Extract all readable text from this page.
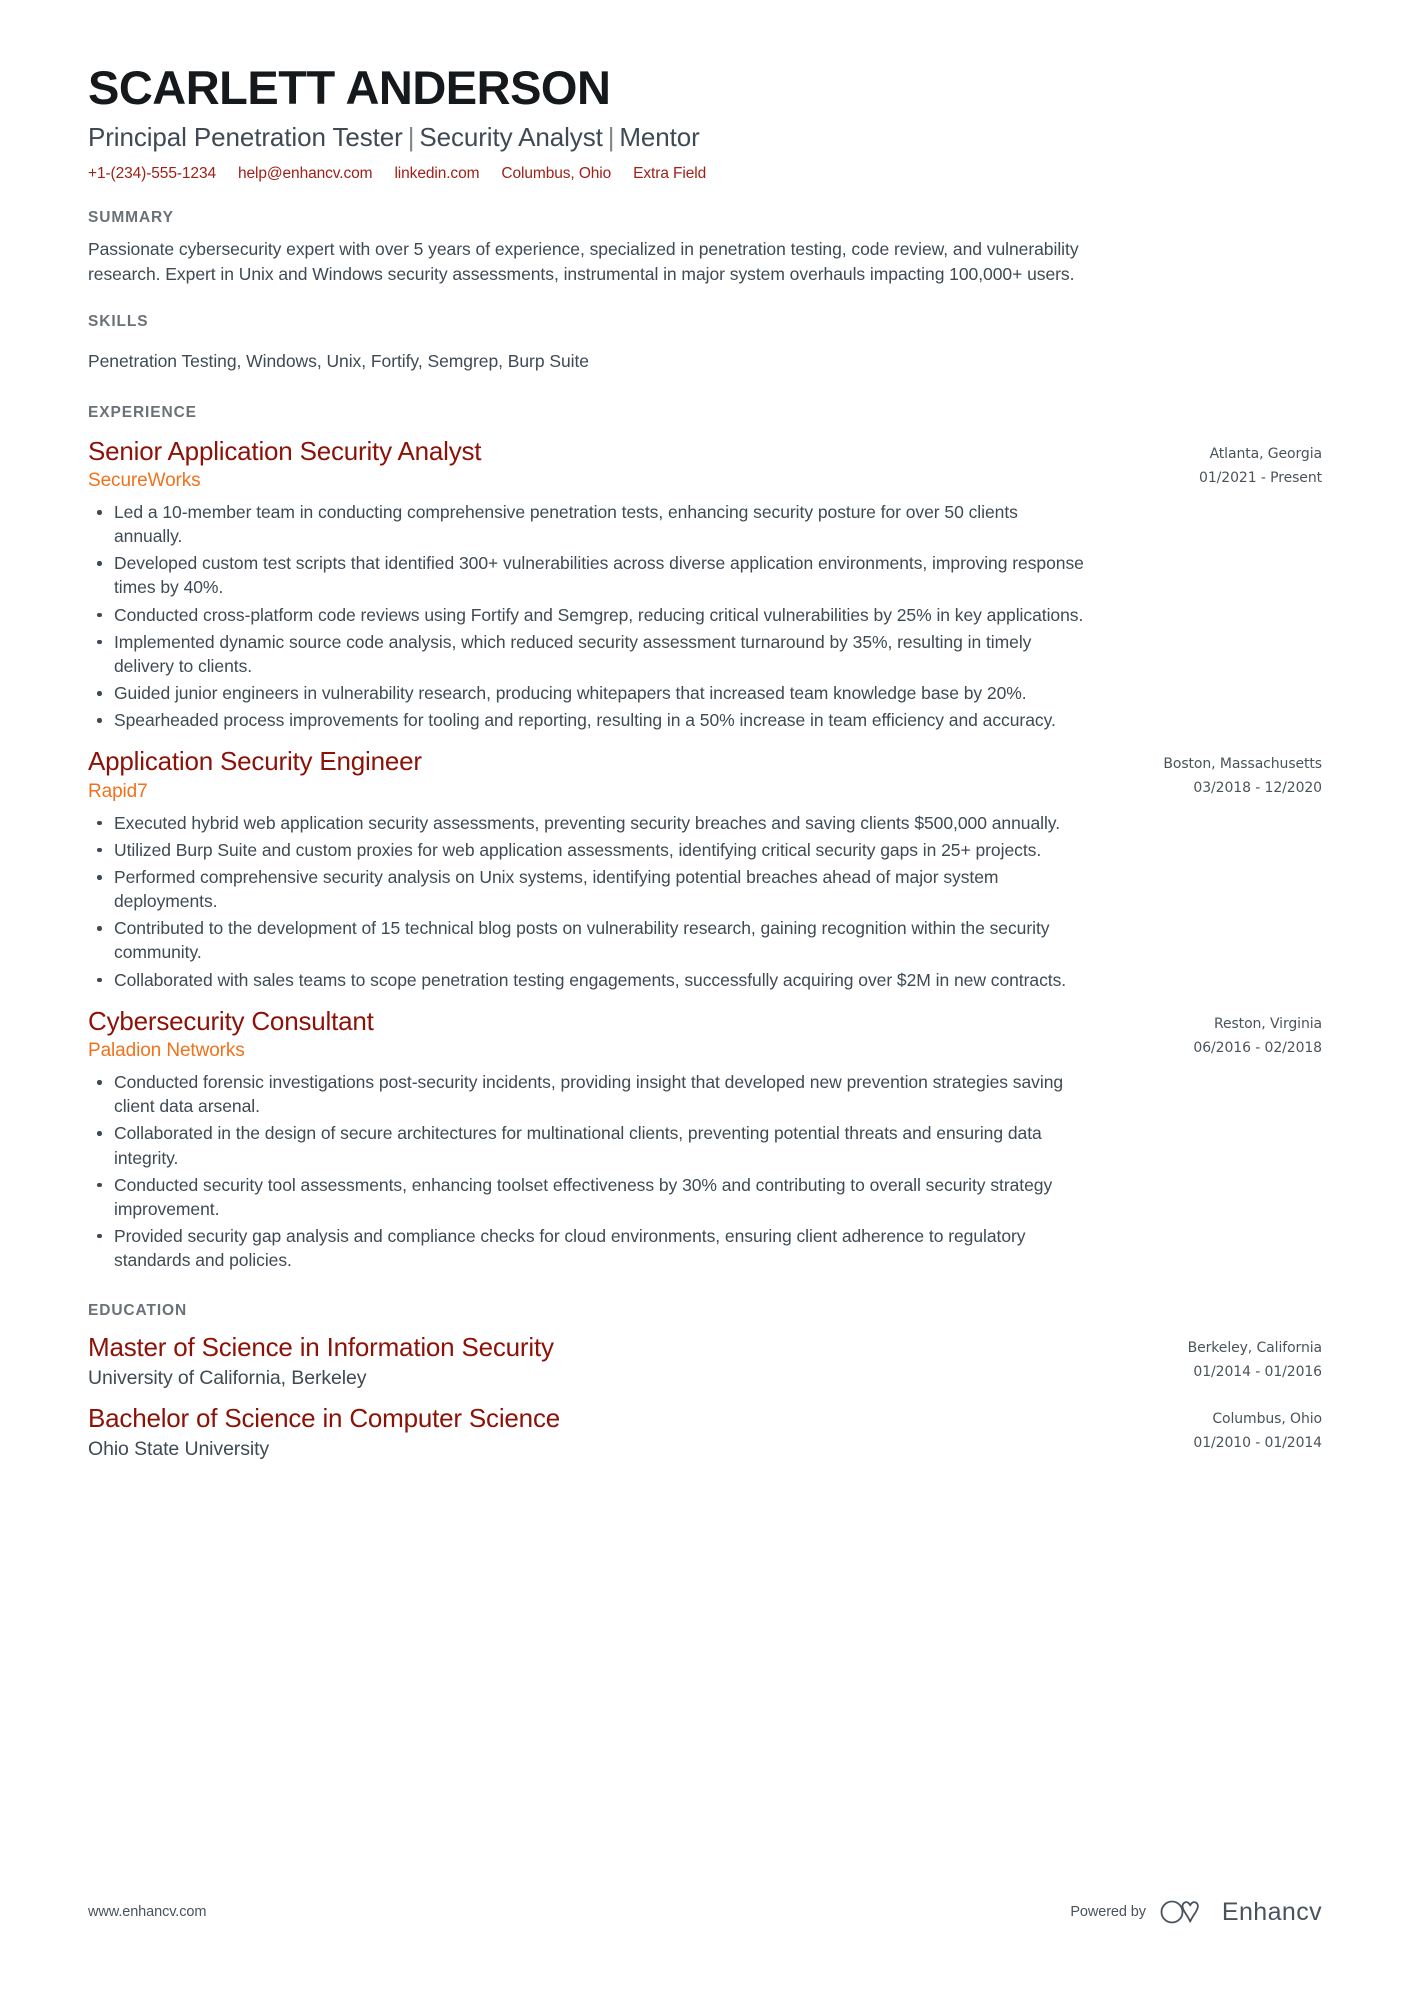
SCARLETT ANDERSON
Principal Penetration Tester | Security Analyst | Mentor
+1-(234)-555-1234 help@enhancv.com linkedin.com Columbus, Ohio Extra Field
SUMMARY

Passionate cybersecurity expert with over 5 years of experience, specialized in penetration testing, code review, and vulnerability research. Expert in Unix and Windows security assessments, instrumental in major system overhauls impacting 100,000+ users.

SKILLS

Penetration Testing, Windows, Unix, Fortify, Semgrep, Burp Suite

EXPERIENCE
Senior Application Security Analyst
SecureWorks
Atlanta, Georgia
01/2021 - Present
Led a 10-member team in conducting comprehensive penetration tests, enhancing security posture for over 50 clients annually.
Developed custom test scripts that identified 300+ vulnerabilities across diverse application environments, improving response times by 40%.
Conducted cross-platform code reviews using Fortify and Semgrep, reducing critical vulnerabilities by 25% in key applications.
Implemented dynamic source code analysis, which reduced security assessment turnaround by 35%, resulting in timely delivery to clients.
Guided junior engineers in vulnerability research, producing whitepapers that increased team knowledge base by 20%.
Spearheaded process improvements for tooling and reporting, resulting in a 50% increase in team efficiency and accuracy.
Application Security Engineer
Rapid7
Boston, Massachusetts
03/2018 - 12/2020
Executed hybrid web application security assessments, preventing security breaches and saving clients $500,000 annually.
Utilized Burp Suite and custom proxies for web application assessments, identifying critical security gaps in 25+ projects.
Performed comprehensive security analysis on Unix systems, identifying potential breaches ahead of major system deployments.
Contributed to the development of 15 technical blog posts on vulnerability research, gaining recognition within the security community.
Collaborated with sales teams to scope penetration testing engagements, successfully acquiring over $2M in new contracts.
Cybersecurity Consultant
Paladion Networks
Reston, Virginia
06/2016 - 02/2018
Conducted forensic investigations post-security incidents, providing insight that developed new prevention strategies saving client data arsenal.
Collaborated in the design of secure architectures for multinational clients, preventing potential threats and ensuring data integrity.
Conducted security tool assessments, enhancing toolset effectiveness by 30% and contributing to overall security strategy improvement.
Provided security gap analysis and compliance checks for cloud environments, ensuring client adherence to regulatory standards and policies.
EDUCATION
Master of Science in Information Security
University of California, Berkeley
Berkeley, California
01/2014 - 01/2016
Bachelor of Science in Computer Science
Ohio State University
Columbus, Ohio
01/2010 - 01/2014
www.enhancv.com	Powered by	Enhancv
